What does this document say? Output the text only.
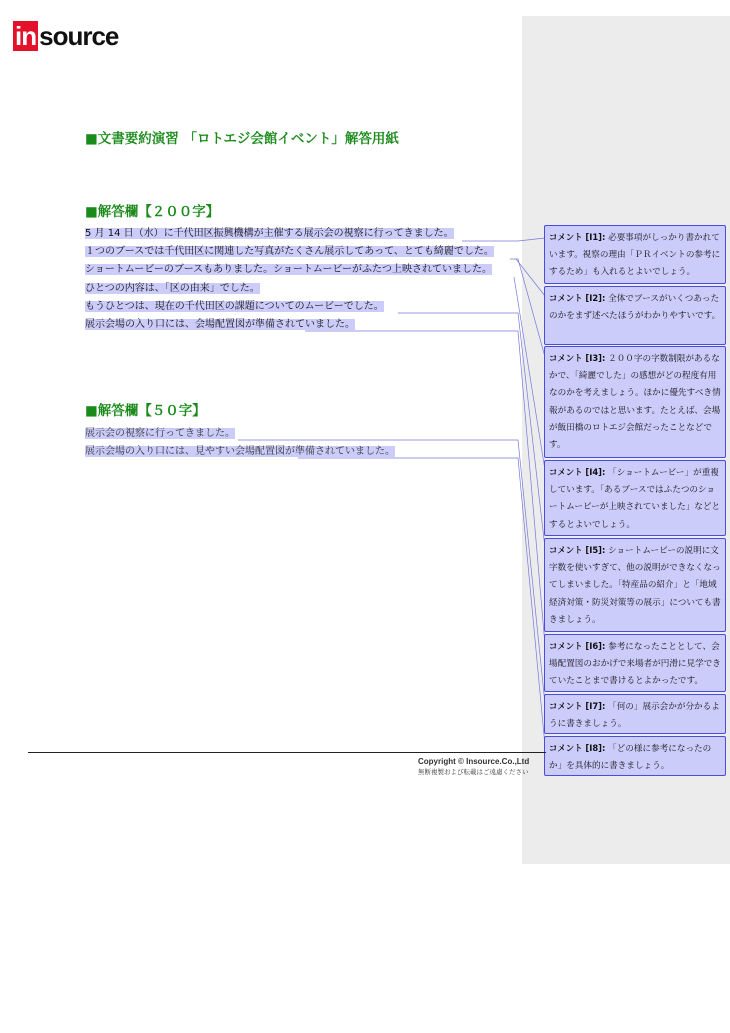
in source
■文書要約演習 「ロトエジ会館イベント」解答用紙
■解答欄【２００字】
5 月 14 日（水）に千代田区振興機構が主催する展示会の視察に行ってきました。
１つのブースでは千代田区に関連した写真がたくさん展示してあって、とても綺麗でした。
ショートムービーのブースもありました。ショートムービーがふたつ上映されていました。
ひとつの内容は、「区の由来」でした。
もうひとつは、現在の千代田区の課題についてのムービーでした。
展示会場の入り口には、会場配置図が準備されていました。
■解答欄【５０字】
展示会の視察に行ってきました。
展示会場の入り口には、見やすい会場配置図が準備されていました。
コメント [I1]: 必要事項がしっかり書かれています。視察の理由「ＰＲイベントの参考にするため」も入れるとよいでしょう。
コメント [I2]: 全体でブースがいくつあったのかをまず述べたほうがわかりやすいです。
コメント [I3]: ２００字の字数制限があるなかで、「綺麗でした」の感想がどの程度有用なのかを考えましょう。ほかに優先すべき情報があるのではと思います。たとえば、会場が飯田橋のロトエジ会館だったことなどです。
コメント [I4]: 「ショートムービー」が重複しています。「あるブースではふたつのショートムービーが上映されていました」などとするとよいでしょう。
コメント [I5]: ショートムービーの説明に文字数を使いすぎて、他の説明ができなくなってしまいました。「特産品の紹介」と「地域経済対策・防災対策等の展示」についても書きましょう。
コメント [I6]: 参考になったこととして、会場配置図のおかげで来場者が円滑に見学できていたことまで書けるとよかったです。
コメント [I7]: 「何の」展示会かが分かるように書きましょう。
コメント [I8]: 「どの様に参考になったのか」を具体的に書きましょう。
Copyright © Insource.Co.,Ltd
無断複製および転載はご遠慮ください
